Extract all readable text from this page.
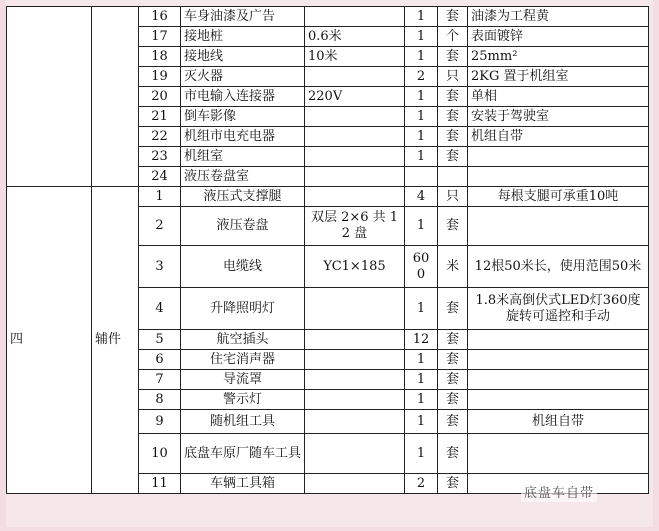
		16	车身油漆及广告		1	套	油漆为工程黄
		17	接地桩	0.6米	1	个	表面镀锌
		18	接地线	10米	1	套	25mm²
		19	灭火器		2	只	2KG 置于机组室
		20	市电输入连接器	220V	1	套	单相
		21	倒车影像		1	套	安装于驾驶室
		22	机组市电充电器		1	套	机组自带
		23	机组室		1	套	
		24	液压卷盘室				
四	辅件	1	液压式支撑腿		4	只	每根支腿可承重10吨
		2	液压卷盘	双层 2×6 共 12 盘	1	套	
		3	电缆线	YC1×185	600	米	12根50米长，使用范围50米
		4	升降照明灯		1	套	1.8米高倒伏式LED灯360度旋转可遥控和手动
		5	航空插头		12	套	
		6	住宅消声器		1	套	
		7	导流罩		1	套	
		8	警示灯		1	套	
		9	随机组工具		1	套	机组自带
		10	底盘车原厂随车工具		1	套	
		11	车辆工具箱		2	套	
底盘车自带
